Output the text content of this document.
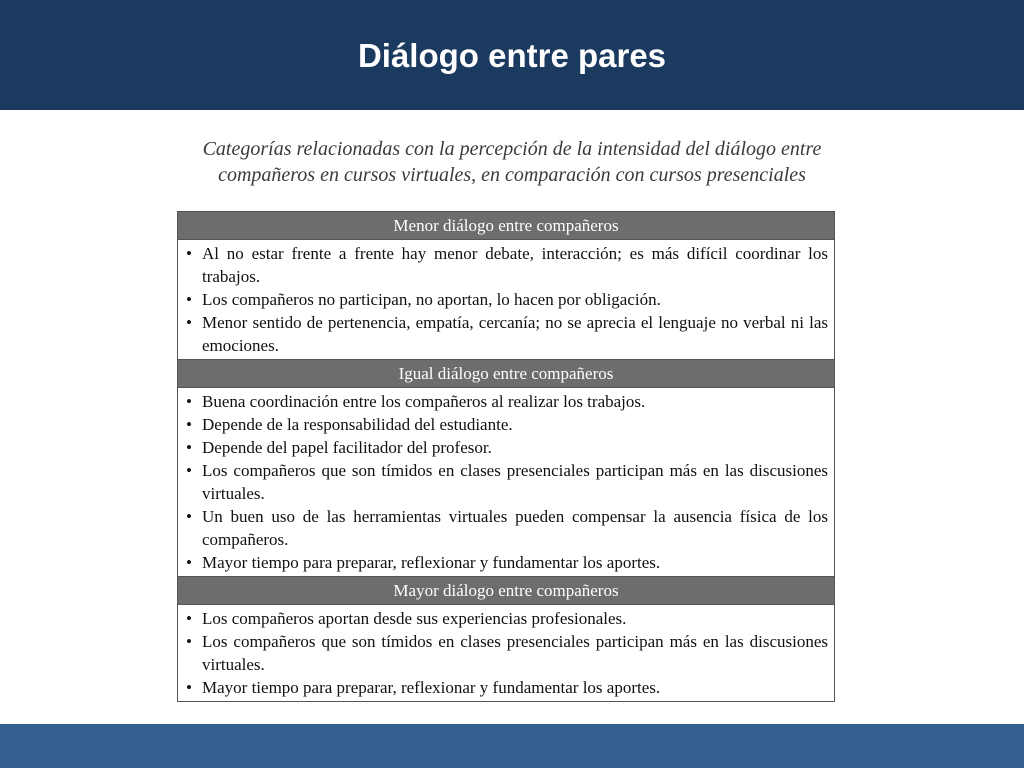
Diálogo entre pares
Categorías relacionadas con la percepción de la intensidad del diálogo entre
compañeros en cursos virtuales, en comparación con cursos presenciales
Menor diálogo entre compañeros
• Al no estar frente a frente hay menor debate, interacción; es más difícil coordinar los trabajos.
• Los compañeros no participan, no aportan, lo hacen por obligación.
• Menor sentido de pertenencia, empatía, cercanía; no se aprecia el lenguaje no verbal ni las emociones.
Igual diálogo entre compañeros
• Buena coordinación entre los compañeros al realizar los trabajos.
• Depende de la responsabilidad del estudiante.
• Depende del papel facilitador del profesor.
• Los compañeros que son tímidos en clases presenciales participan más en las discusiones virtuales.
• Un buen uso de las herramientas virtuales pueden compensar la ausencia física de los compañeros.
• Mayor tiempo para preparar, reflexionar y fundamentar los aportes.
Mayor diálogo entre compañeros
• Los compañeros aportan desde sus experiencias profesionales.
• Los compañeros que son tímidos en clases presenciales participan más en las discusiones virtuales.
• Mayor tiempo para preparar, reflexionar y fundamentar los aportes.
